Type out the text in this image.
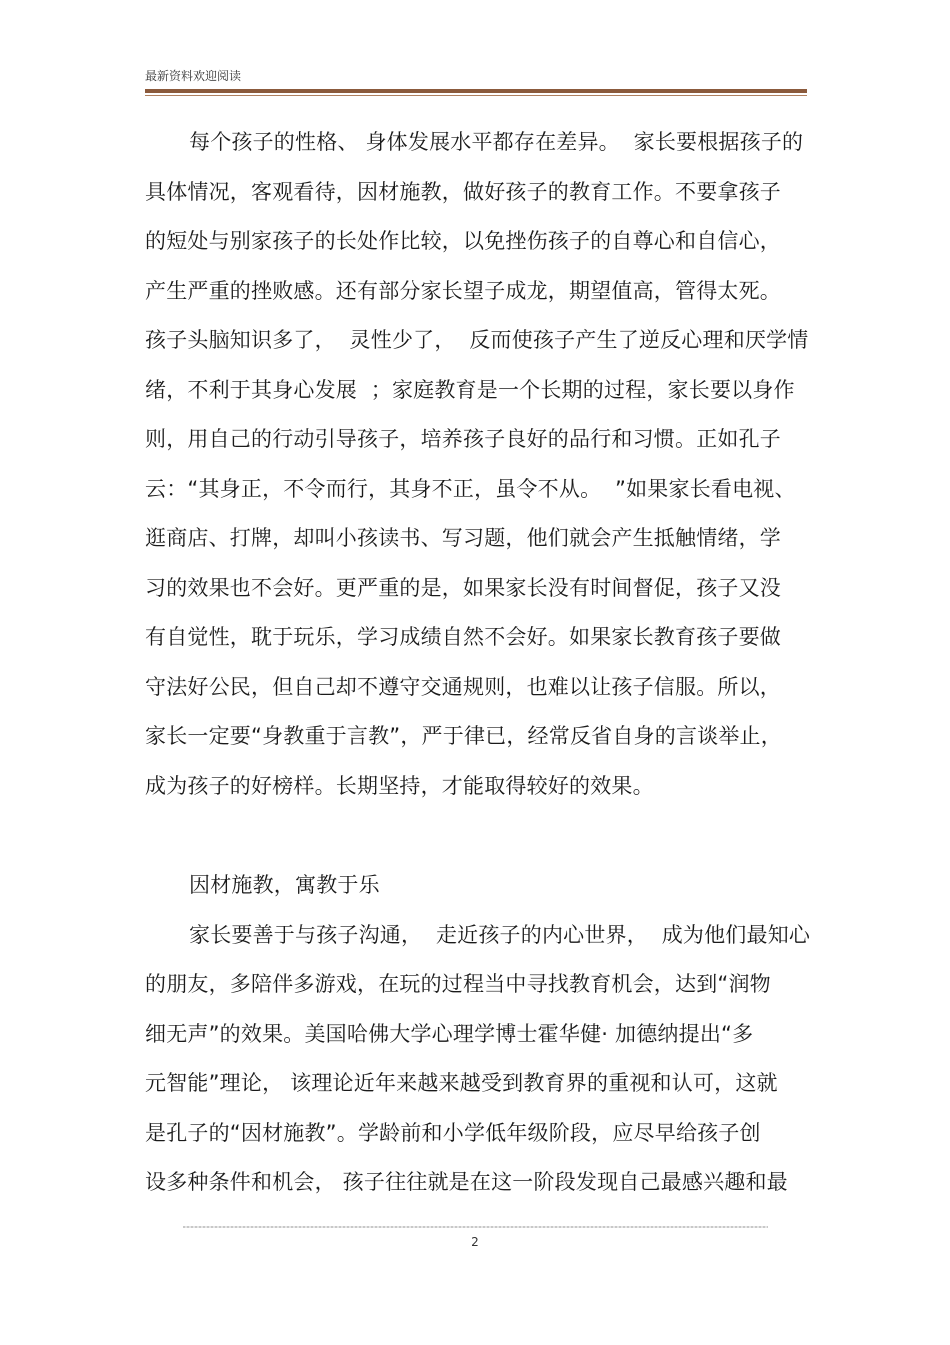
最新资料欢迎阅读
每个孩子的性格、 身体发展水平都存在差异。  家长要根据孩子的
具体情况，客观看待，因材施教，做好孩子的教育工作。不要拿孩子
的短处与别家孩子的长处作比较，以免挫伤孩子的自尊心和自信心，
产生严重的挫败感。还有部分家长望子成龙，期望值高，管得太死。
孩子头脑知识多了，  灵性少了，  反而使孩子产生了逆反心理和厌学情
绪，不利于其身心发展  ；家庭教育是一个长期的过程，家长要以身作
则，用自己的行动引导孩子，培养孩子良好的品行和习惯。正如孔子
云：“其身正，不令而行，其身不正，虽令不从。  ”如果家长看电视、
逛商店、打牌，却叫小孩读书、写习题，他们就会产生抵触情绪，学
习的效果也不会好。更严重的是，如果家长没有时间督促，孩子又没
有自觉性，耽于玩乐，学习成绩自然不会好。如果家长教育孩子要做
守法好公民，但自己却不遵守交通规则，也难以让孩子信服。所以，
家长一定要“身教重于言教”，严于律已，经常反省自身的言谈举止，
成为孩子的好榜样。长期坚持，才能取得较好的效果。
因材施教，寓教于乐
家长要善于与孩子沟通，  走近孩子的内心世界，  成为他们最知心
的朋友，多陪伴多游戏，在玩的过程当中寻找教育机会，达到“润物
细无声”的效果。美国哈佛大学心理学博士霍华健· 加德纳提出“多
元智能”理论， 该理论近年来越来越受到教育界的重视和认可，这就
是孔子的“因材施教”。学龄前和小学低年级阶段，应尽早给孩子创
设多种条件和机会， 孩子往往就是在这一阶段发现自己最感兴趣和最
2
